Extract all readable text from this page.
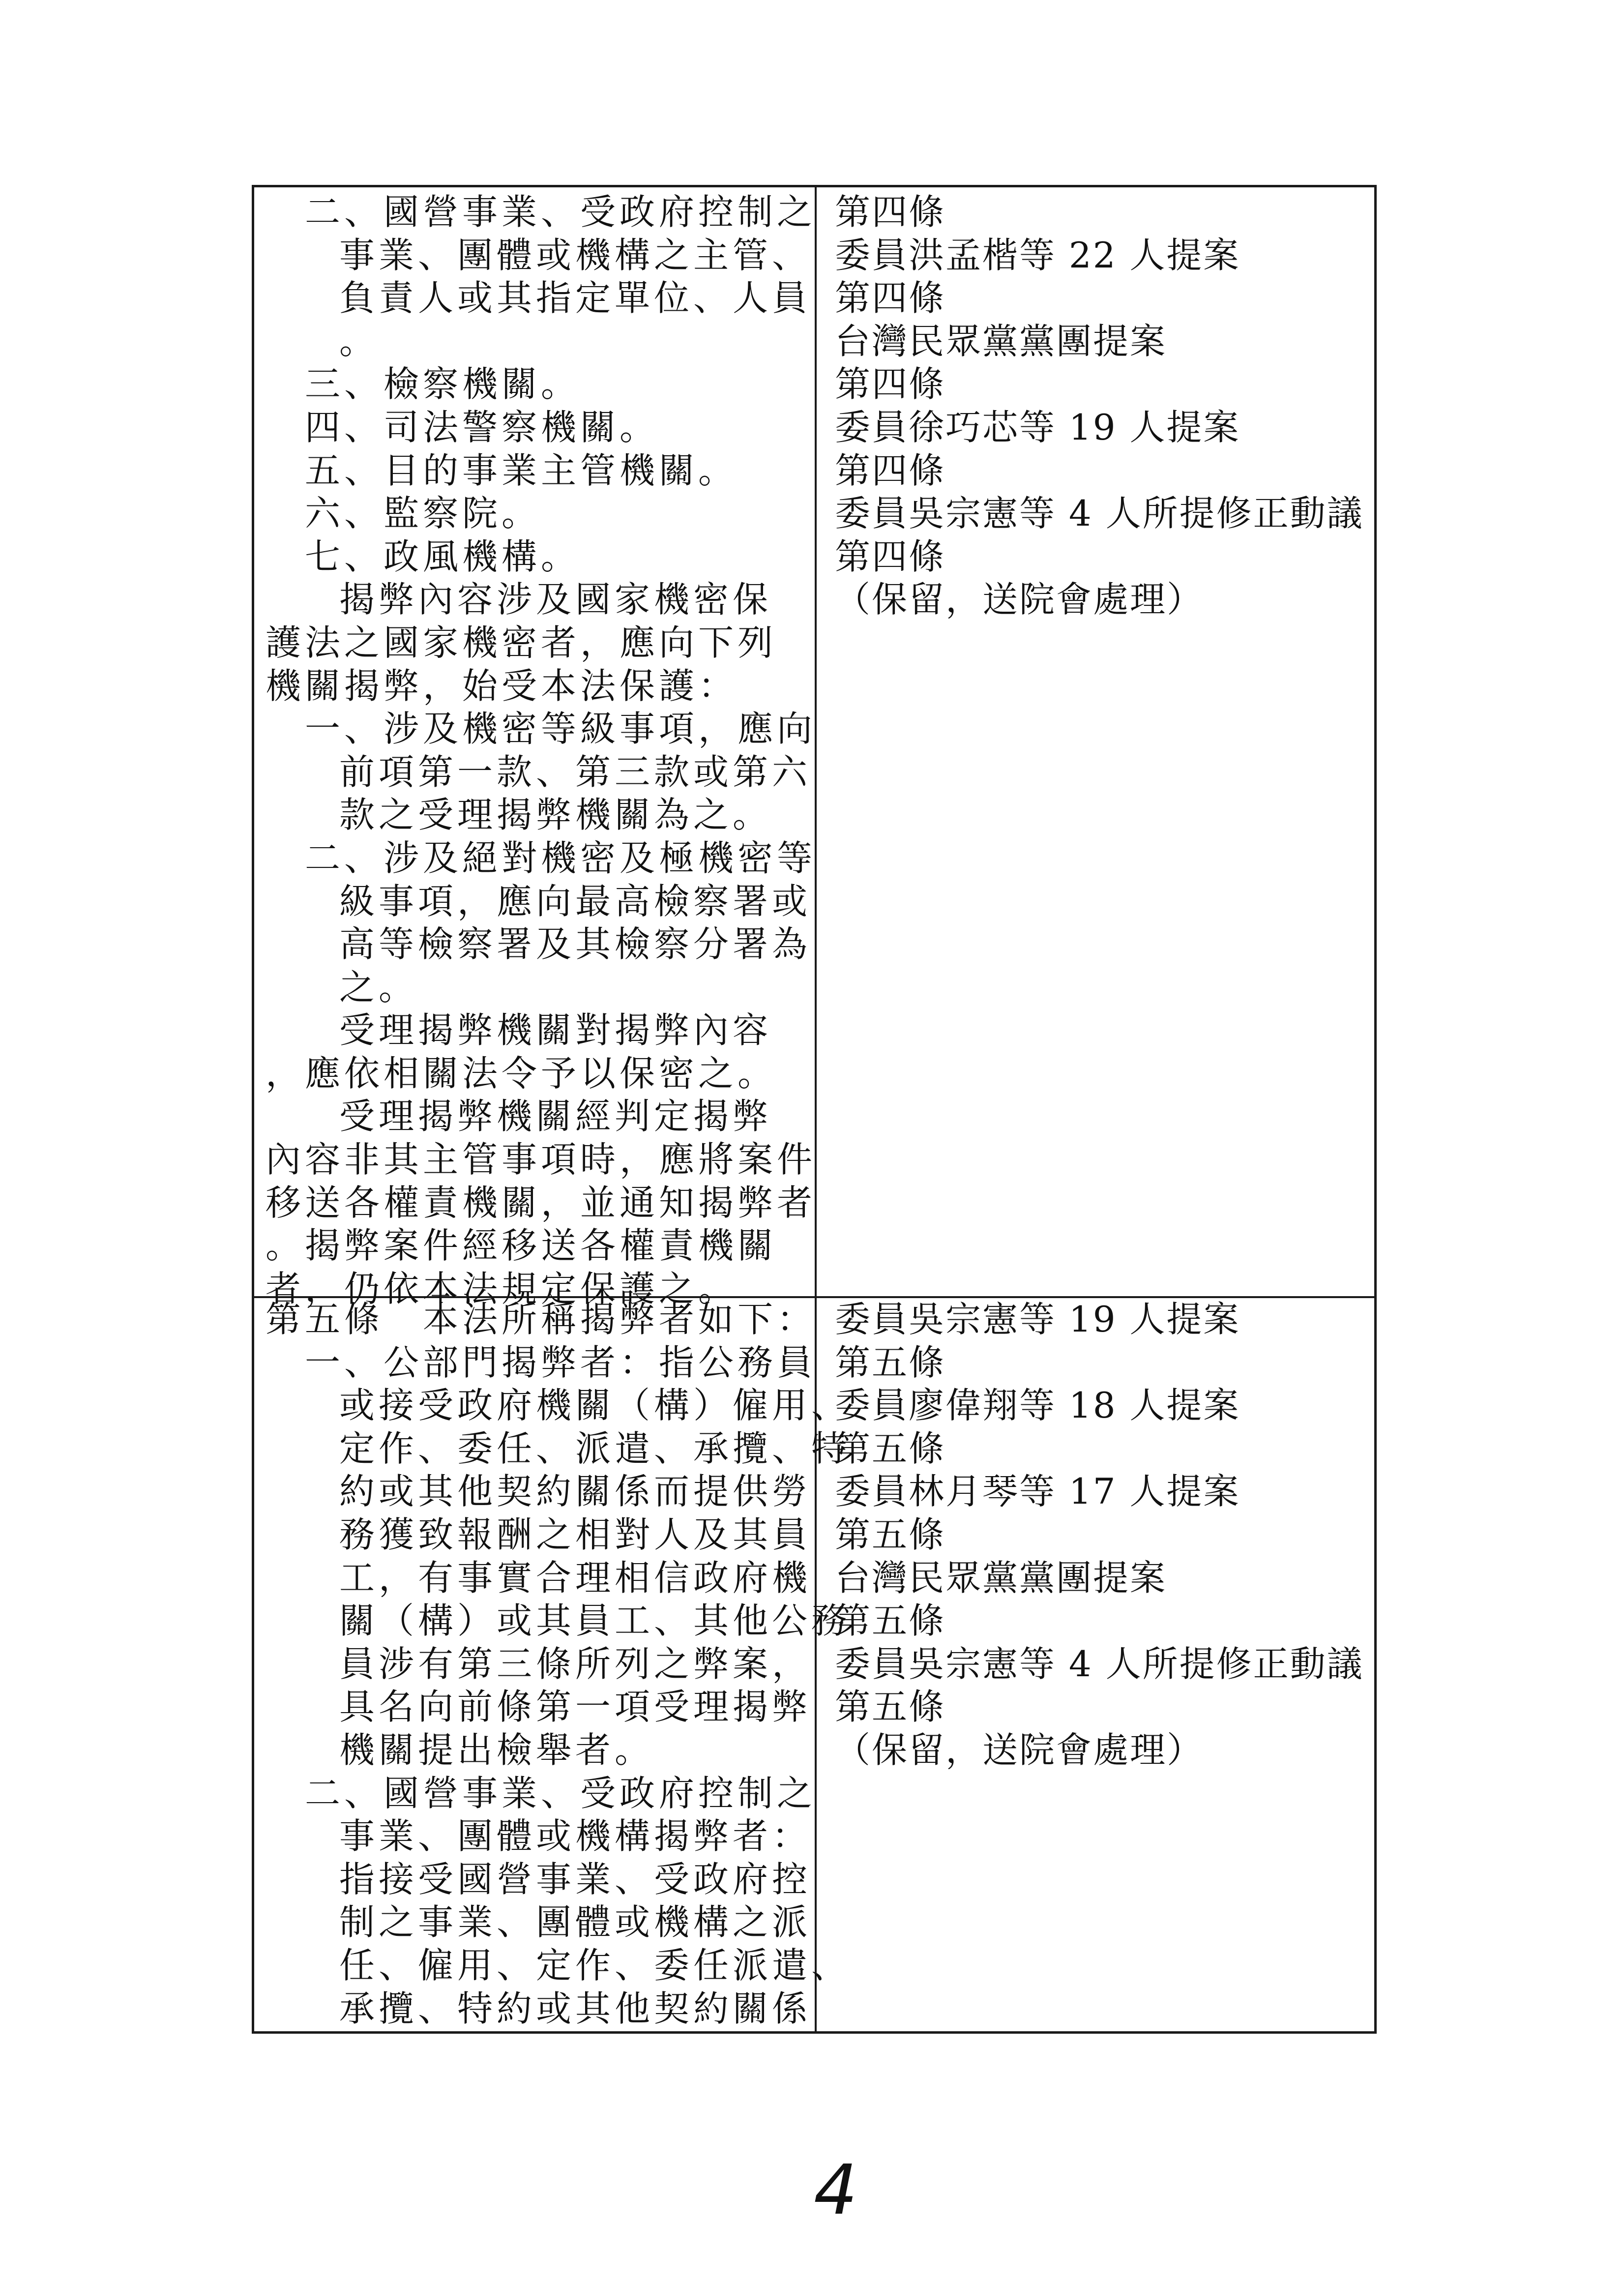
二、國營事業、受政府控制之
事業、團體或機構之主管、
負責人或其指定單位、人員
。
三、檢察機關。
四、司法警察機關。
五、目的事業主管機關。
六、監察院。
七、政風機構。
揭弊內容涉及國家機密保
護法之國家機密者，應向下列
機關揭弊，始受本法保護：
一、涉及機密等級事項，應向
前項第一款、第三款或第六
款之受理揭弊機關為之。
二、涉及絕對機密及極機密等
級事項，應向最高檢察署或
高等檢察署及其檢察分署為
之。
受理揭弊機關對揭弊內容
，應依相關法令予以保密之。
受理揭弊機關經判定揭弊
內容非其主管事項時，應將案件
移送各權責機關，並通知揭弊者
。揭弊案件經移送各權責機關
者，仍依本法規定保護之。
第四條
委員洪孟楷等 22 人提案
第四條
台灣民眾黨黨團提案
第四條
委員徐巧芯等 19 人提案
第四條
委員吳宗憲等 4 人所提修正動議
第四條
（保留，送院會處理）
第五條　本法所稱揭弊者如下：
一、公部門揭弊者：指公務員
或接受政府機關（構）僱用、
定作、委任、派遣、承攬、特
約或其他契約關係而提供勞
務獲致報酬之相對人及其員
工，有事實合理相信政府機
關（構）或其員工、其他公務
員涉有第三條所列之弊案，
具名向前條第一項受理揭弊
機關提出檢舉者。
二、國營事業、受政府控制之
事業、團體或機構揭弊者：
指接受國營事業、受政府控
制之事業、團體或機構之派
任、僱用、定作、委任派遣、
承攬、特約或其他契約關係
委員吳宗憲等 19 人提案
第五條
委員廖偉翔等 18 人提案
第五條
委員林月琴等 17 人提案
第五條
台灣民眾黨黨團提案
第五條
委員吳宗憲等 4 人所提修正動議
第五條
（保留，送院會處理）
4
